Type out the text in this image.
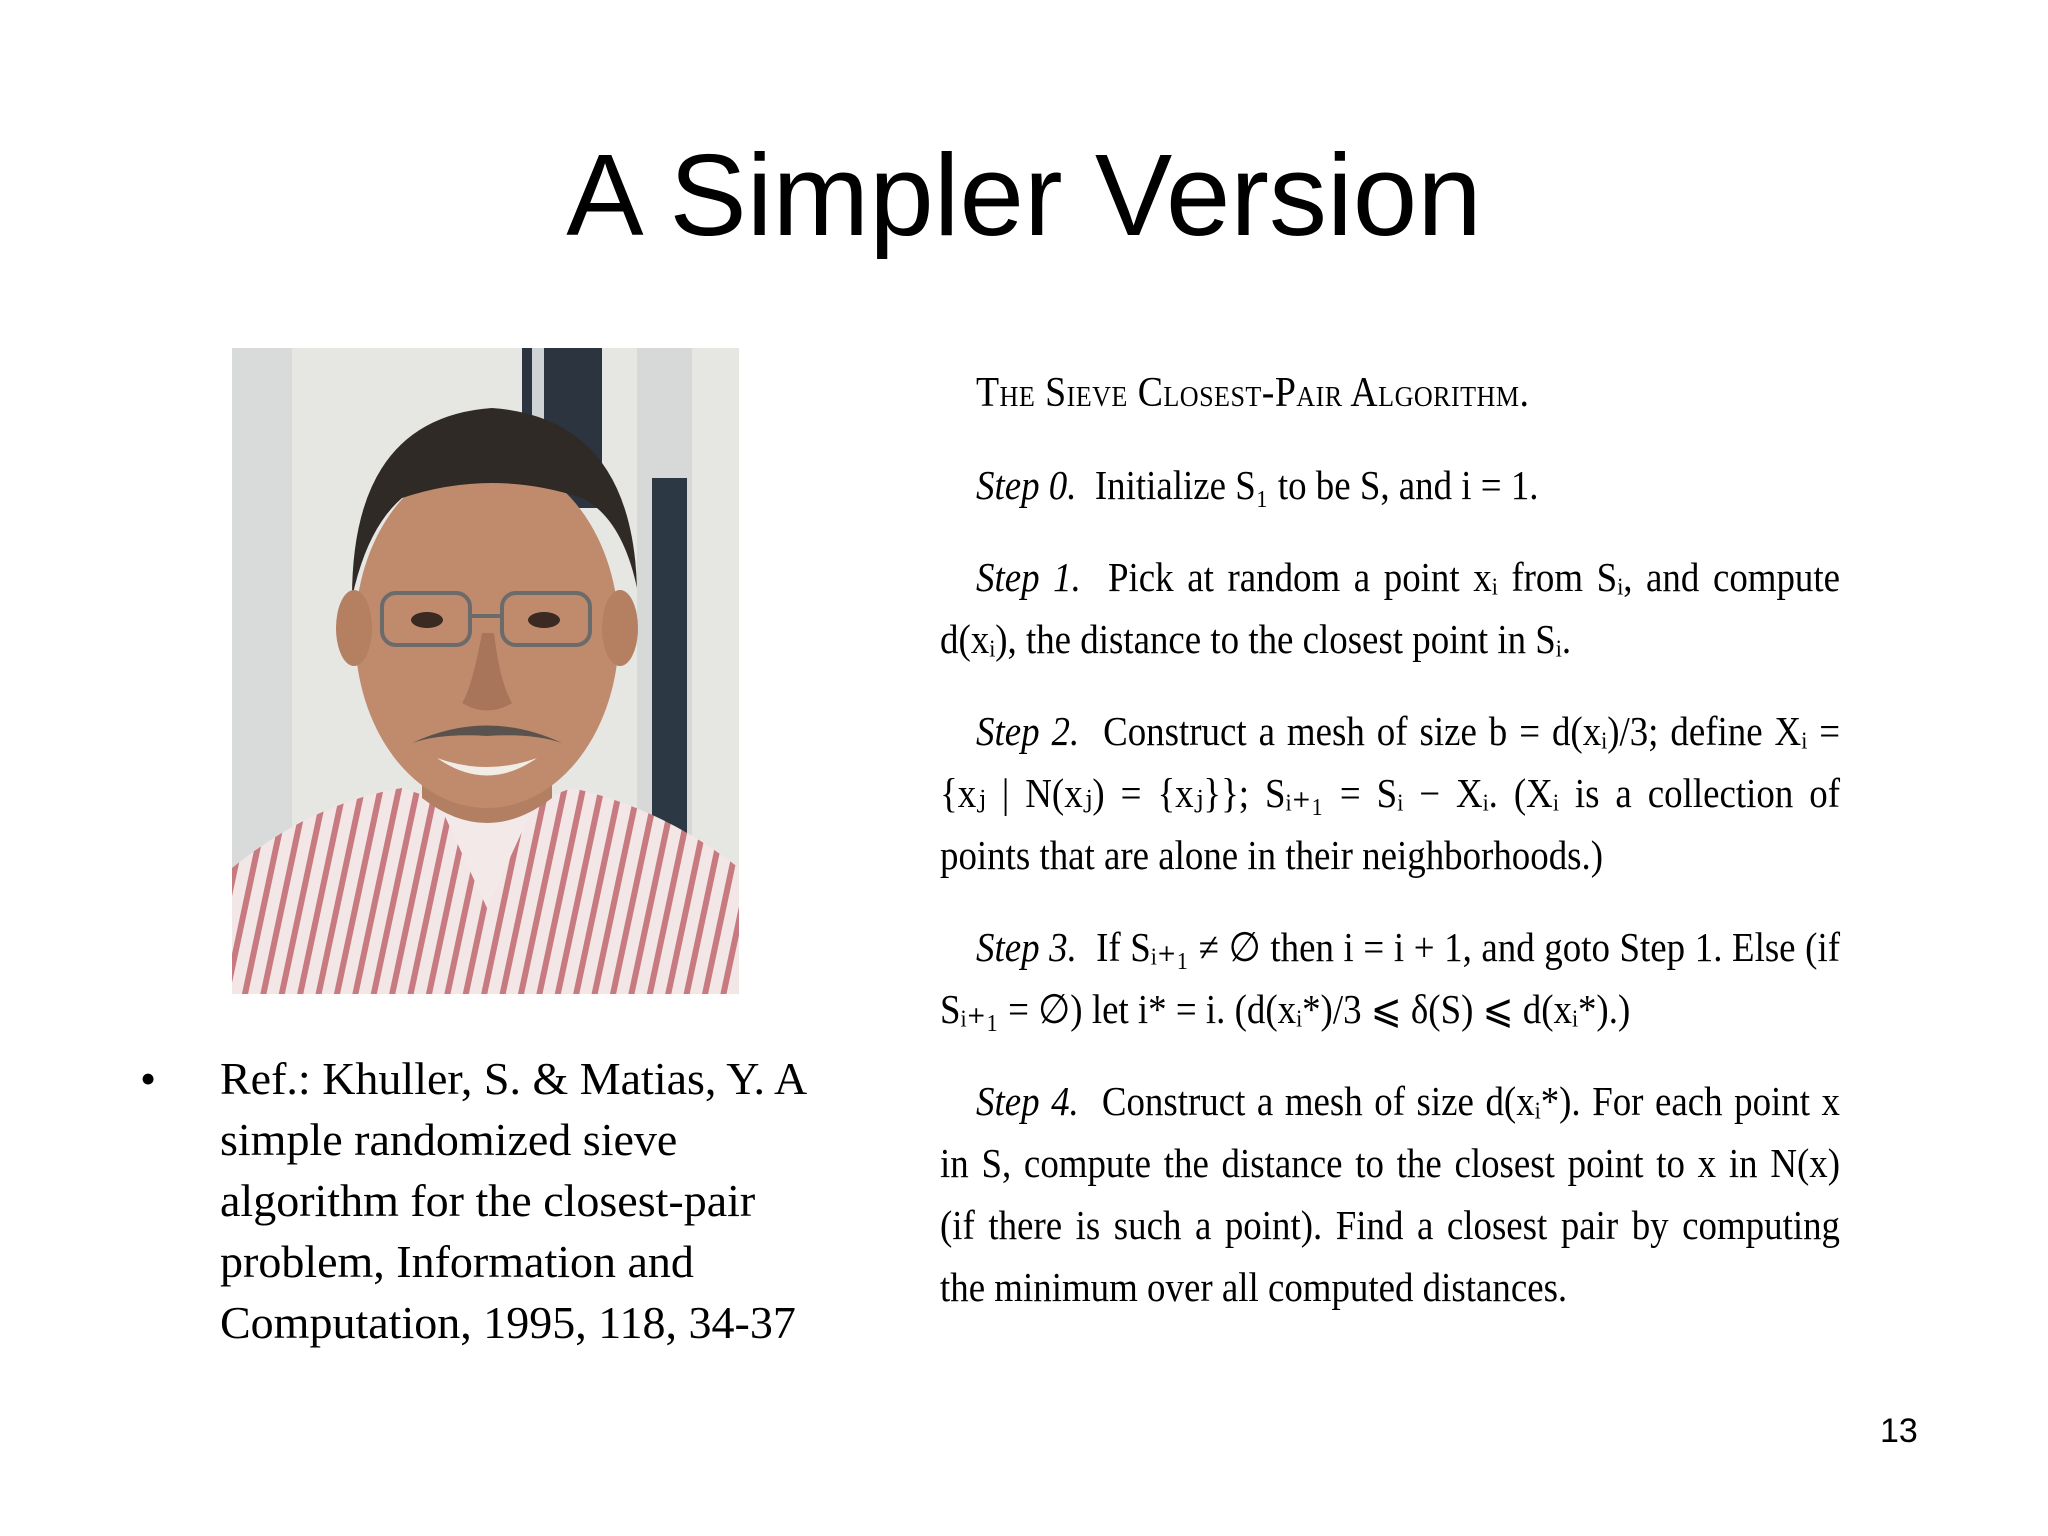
A Simpler Version
•	Ref.: Khuller, S. & Matias, Y. A simple randomized sieve algorithm for the closest-pair problem, Information and Computation, 1995, 118, 34-37
The Sieve Closest-Pair Algorithm.

Step 0. Initialize S₁ to be S, and i = 1.

Step 1. Pick at random a point xᵢ from Sᵢ, and compute d(xᵢ), the distance to the closest point in Sᵢ.

Step 2. Construct a mesh of size b = d(xᵢ)/3; define Xᵢ = {xⱼ | N(xⱼ) = {xⱼ}}; Sᵢ₊₁ = Sᵢ − Xᵢ. (Xᵢ is a collection of points that are alone in their neighborhoods.)

Step 3. If Sᵢ₊₁ ≠ ∅ then i = i + 1, and goto Step 1. Else (if Sᵢ₊₁ = ∅) let i* = i. (d(xᵢ*)/3 ⩽ δ(S) ⩽ d(xᵢ*).)

Step 4. Construct a mesh of size d(xᵢ*). For each point x in S, compute the distance to the closest point to x in N(x) (if there is such a point). Find a closest pair by computing the minimum over all computed distances.

13
